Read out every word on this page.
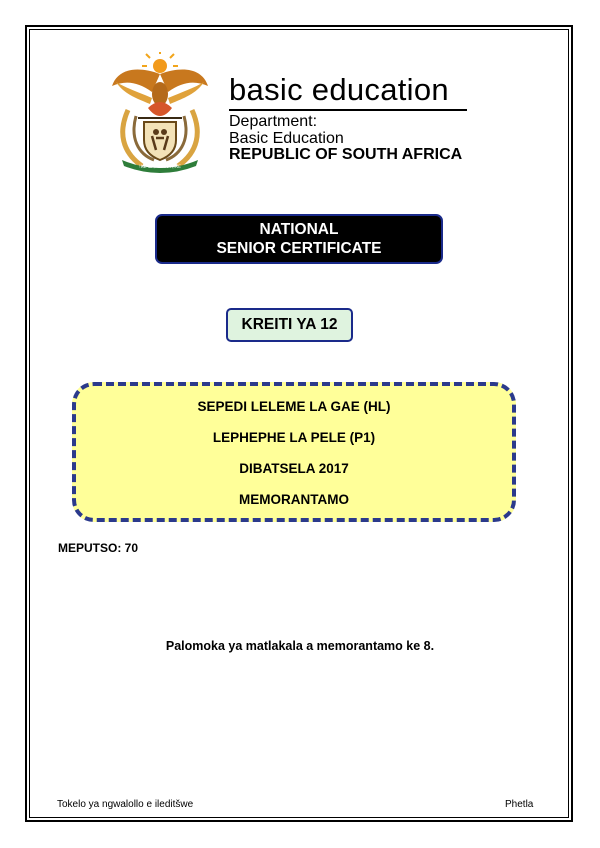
!KE E: /XARRA //KE
basic education
Department:
Basic Education
REPUBLIC OF SOUTH AFRICA
NATIONAL
SENIOR CERTIFICATE
KREITI YA 12
SEPEDI LELEME LA GAE (HL)
LEPHEPHE LA PELE (P1)
DIBATSELA 2017
MEMORANTAMO
MEPUTSO: 70
Palomoka ya matlakala a memorantamo ke 8.
Tokelo ya ngwalollo e ileditšwe	Phetla
